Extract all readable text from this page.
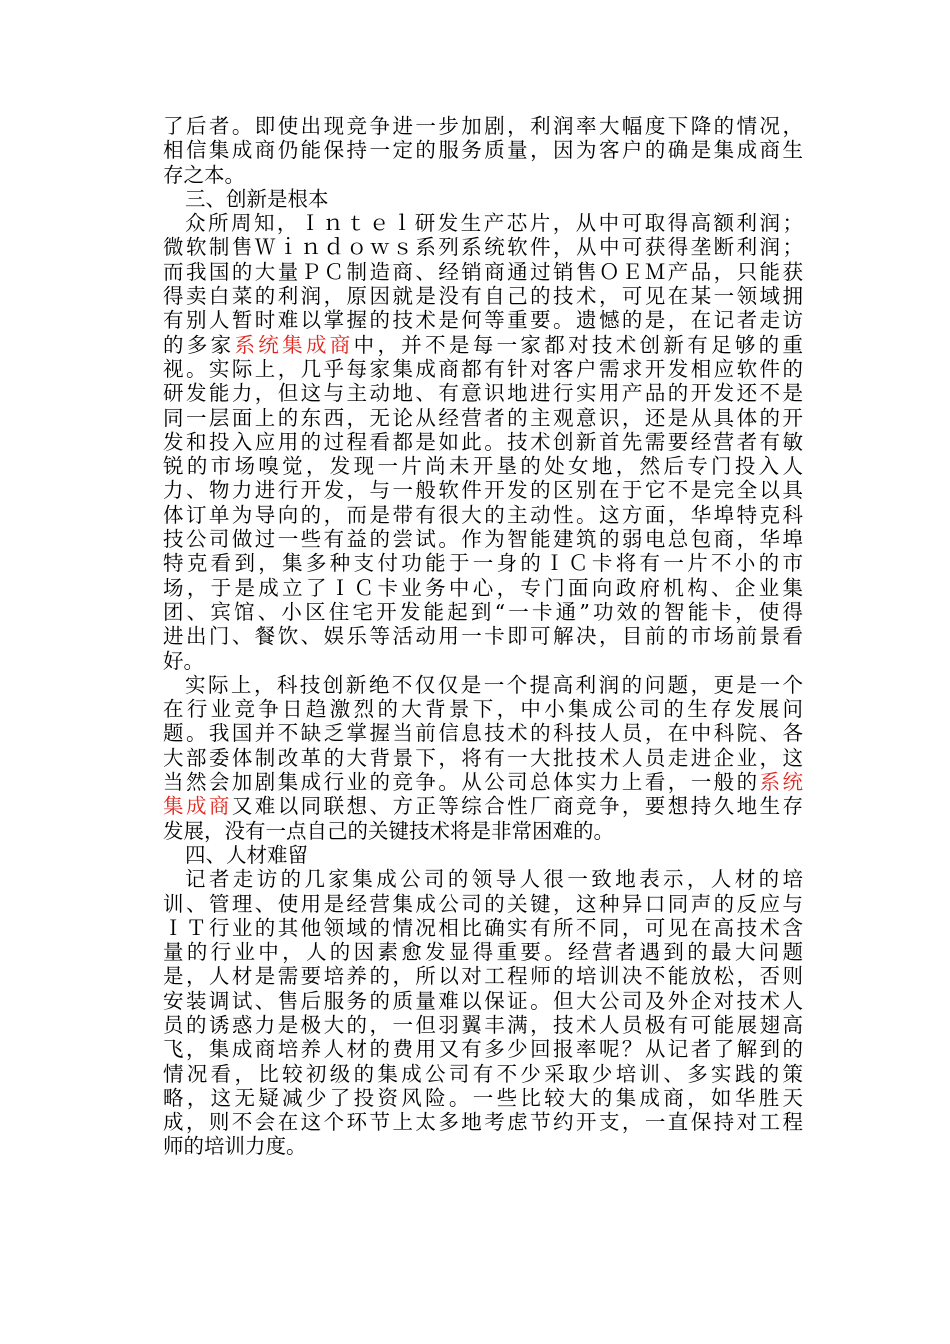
了后者。即使出现竞争进一步加剧，利润率大幅度下降的情况，
相信集成商仍能保持一定的服务质量，因为客户的确是集成商生
存之本。
三、创新是根本
众所周知，Ｉｎｔｅｌ研发生产芯片，从中可取得高额利润；
微软制售Ｗｉｎｄｏｗｓ系列系统软件，从中可获得垄断利润；
而我国的大量ＰＣ制造商、经销商通过销售ＯＥＭ产品，只能获
得卖白菜的利润，原因就是没有自己的技术，可见在某一领域拥
有别人暂时难以掌握的技术是何等重要。遗憾的是，在记者走访
的多家系统集成商中，并不是每一家都对技术创新有足够的重
视。实际上，几乎每家集成商都有针对客户需求开发相应软件的
研发能力，但这与主动地、有意识地进行实用产品的开发还不是
同一层面上的东西，无论从经营者的主观意识，还是从具体的开
发和投入应用的过程看都是如此。技术创新首先需要经营者有敏
锐的市场嗅觉，发现一片尚未开垦的处女地，然后专门投入人
力、物力进行开发，与一般软件开发的区别在于它不是完全以具
体订单为导向的，而是带有很大的主动性。这方面，华埠特克科
技公司做过一些有益的尝试。作为智能建筑的弱电总包商，华埠
特克看到，集多种支付功能于一身的ＩＣ卡将有一片不小的市
场，于是成立了ＩＣ卡业务中心，专门面向政府机构、企业集
团、宾馆、小区住宅开发能起到“一卡通”功效的智能卡，使得
进出门、餐饮、娱乐等活动用一卡即可解决，目前的市场前景看
好。
实际上，科技创新绝不仅仅是一个提高利润的问题，更是一个
在行业竞争日趋激烈的大背景下，中小集成公司的生存发展问
题。我国并不缺乏掌握当前信息技术的科技人员，在中科院、各
大部委体制改革的大背景下，将有一大批技术人员走进企业，这
当然会加剧集成行业的竞争。从公司总体实力上看，一般的系统
集成商又难以同联想、方正等综合性厂商竞争，要想持久地生存
发展，没有一点自己的关键技术将是非常困难的。
四、人材难留
记者走访的几家集成公司的领导人很一致地表示，人材的培
训、管理、使用是经营集成公司的关键，这种异口同声的反应与
ＩＴ行业的其他领域的情况相比确实有所不同，可见在高技术含
量的行业中，人的因素愈发显得重要。经营者遇到的最大问题
是，人材是需要培养的，所以对工程师的培训决不能放松，否则
安装调试、售后服务的质量难以保证。但大公司及外企对技术人
员的诱惑力是极大的，一但羽翼丰满，技术人员极有可能展翅高
飞，集成商培养人材的费用又有多少回报率呢？从记者了解到的
情况看，比较初级的集成公司有不少采取少培训、多实践的策
略，这无疑减少了投资风险。一些比较大的集成商，如华胜天
成，则不会在这个环节上太多地考虑节约开支，一直保持对工程
师的培训力度。
